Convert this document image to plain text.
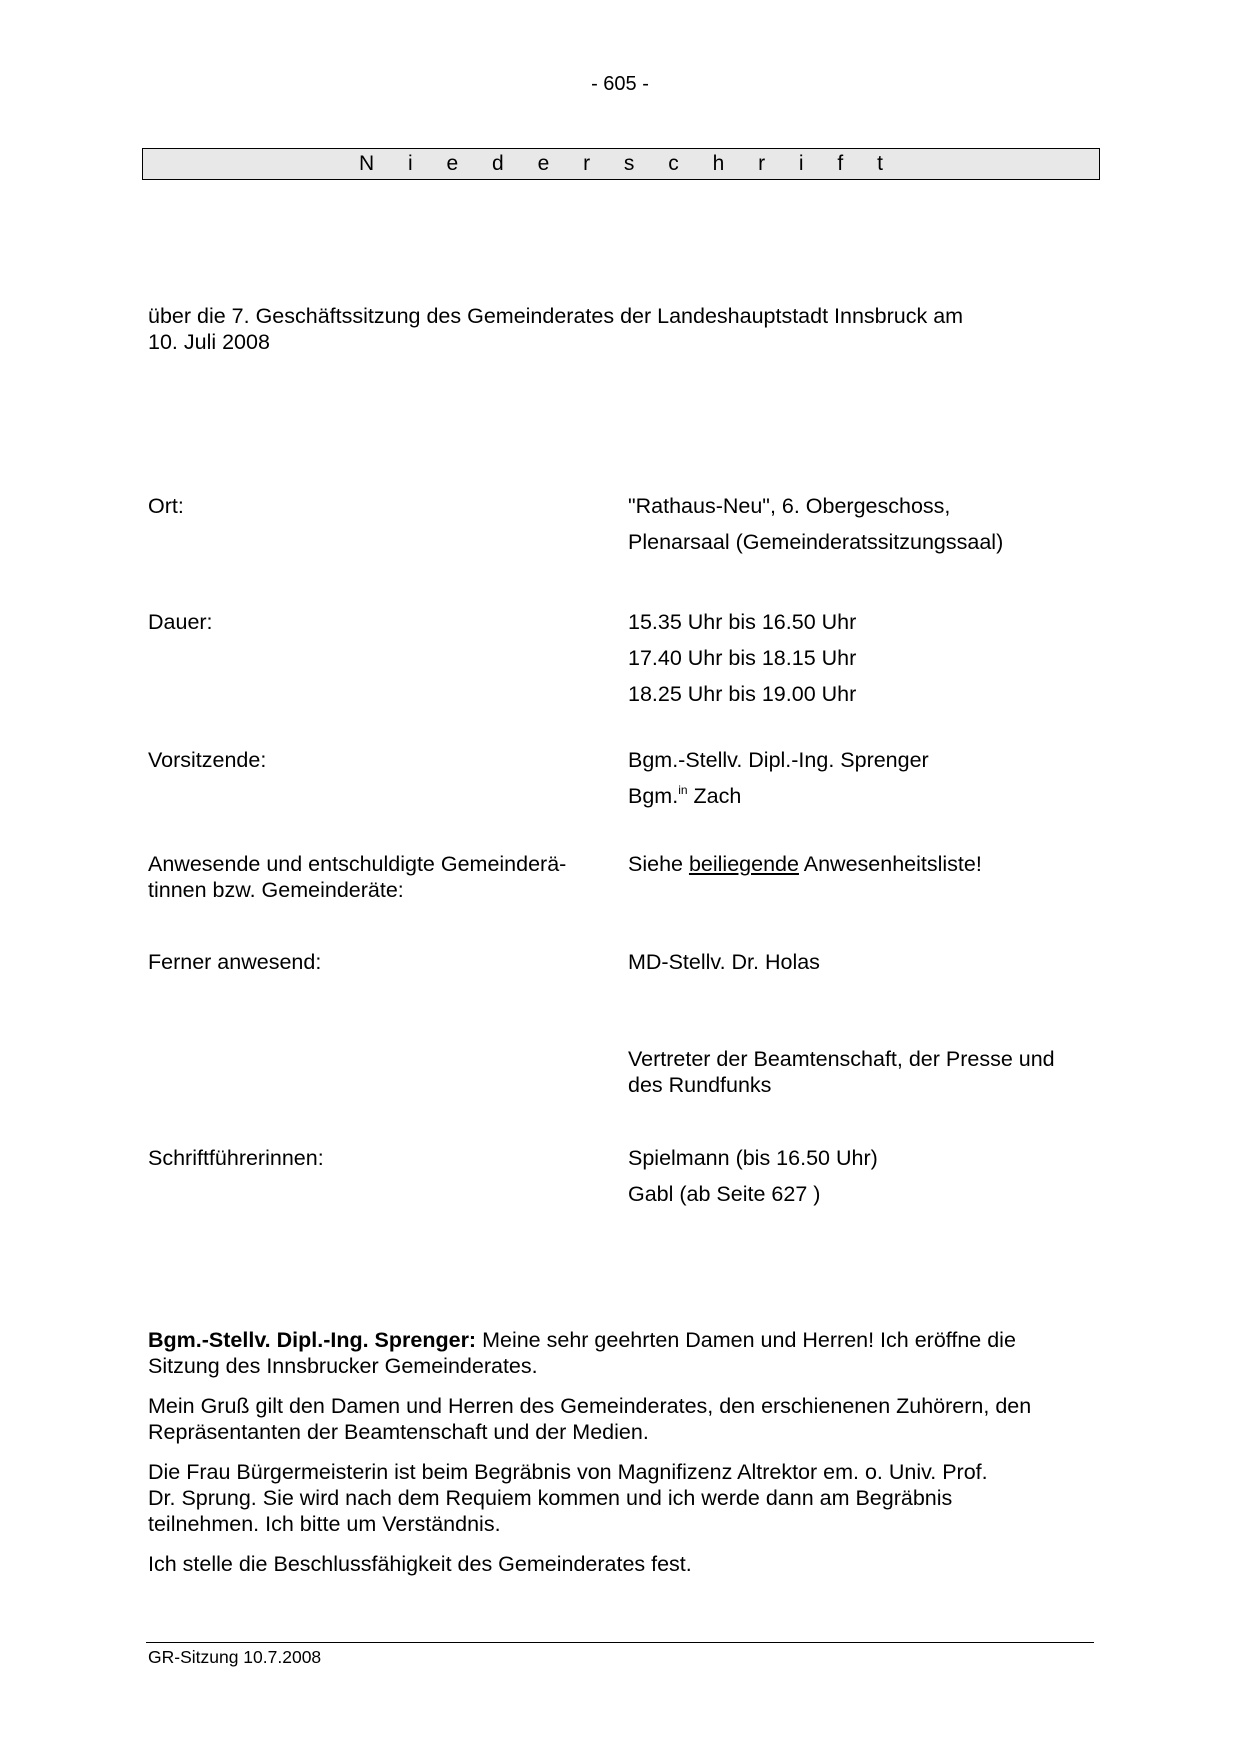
- 605 -
N i e d e r s c h r i f t
über die 7. Geschäftssitzung des Gemeinderates der Landeshauptstadt Innsbruck am
10. Juli 2008
Ort:	"Rathaus-Neu", 6. Obergeschoss,
Plenarsaal (Gemeinderatssitzungssaal)
Dauer:	15.35 Uhr bis 16.50 Uhr
17.40 Uhr bis 18.15 Uhr
18.25 Uhr bis 19.00 Uhr
Vorsitzende:	Bgm.-Stellv. Dipl.-Ing. Sprenger
Bgm.$^{in}$ Zach
Anwesende und entschuldigte Gemeinderä-
tinnen bzw. Gemeinderäte:
Siehe beiliegende Anwesenheitsliste!
Ferner anwesend:	MD-Stellv. Dr. Holas
Vertreter der Beamtenschaft, der Presse und
des Rundfunks
Schriftführerinnen:	Spielmann (bis 16.50 Uhr)
Gabl (ab Seite 627 )
Bgm.-Stellv. Dipl.-Ing. Sprenger: Meine sehr geehrten Damen und Herren! Ich eröffne die
Sitzung des Innsbrucker Gemeinderates.
Mein Gruß gilt den Damen und Herren des Gemeinderates, den erschienenen Zuhörern, den
Repräsentanten der Beamtenschaft und der Medien.
Die Frau Bürgermeisterin ist beim Begräbnis von Magnifizenz Altrektor em. o. Univ. Prof.
Dr. Sprung. Sie wird nach dem Requiem kommen und ich werde dann am Begräbnis
teilnehmen. Ich bitte um Verständnis.
Ich stelle die Beschlussfähigkeit des Gemeinderates fest.
GR-Sitzung 10.7.2008
